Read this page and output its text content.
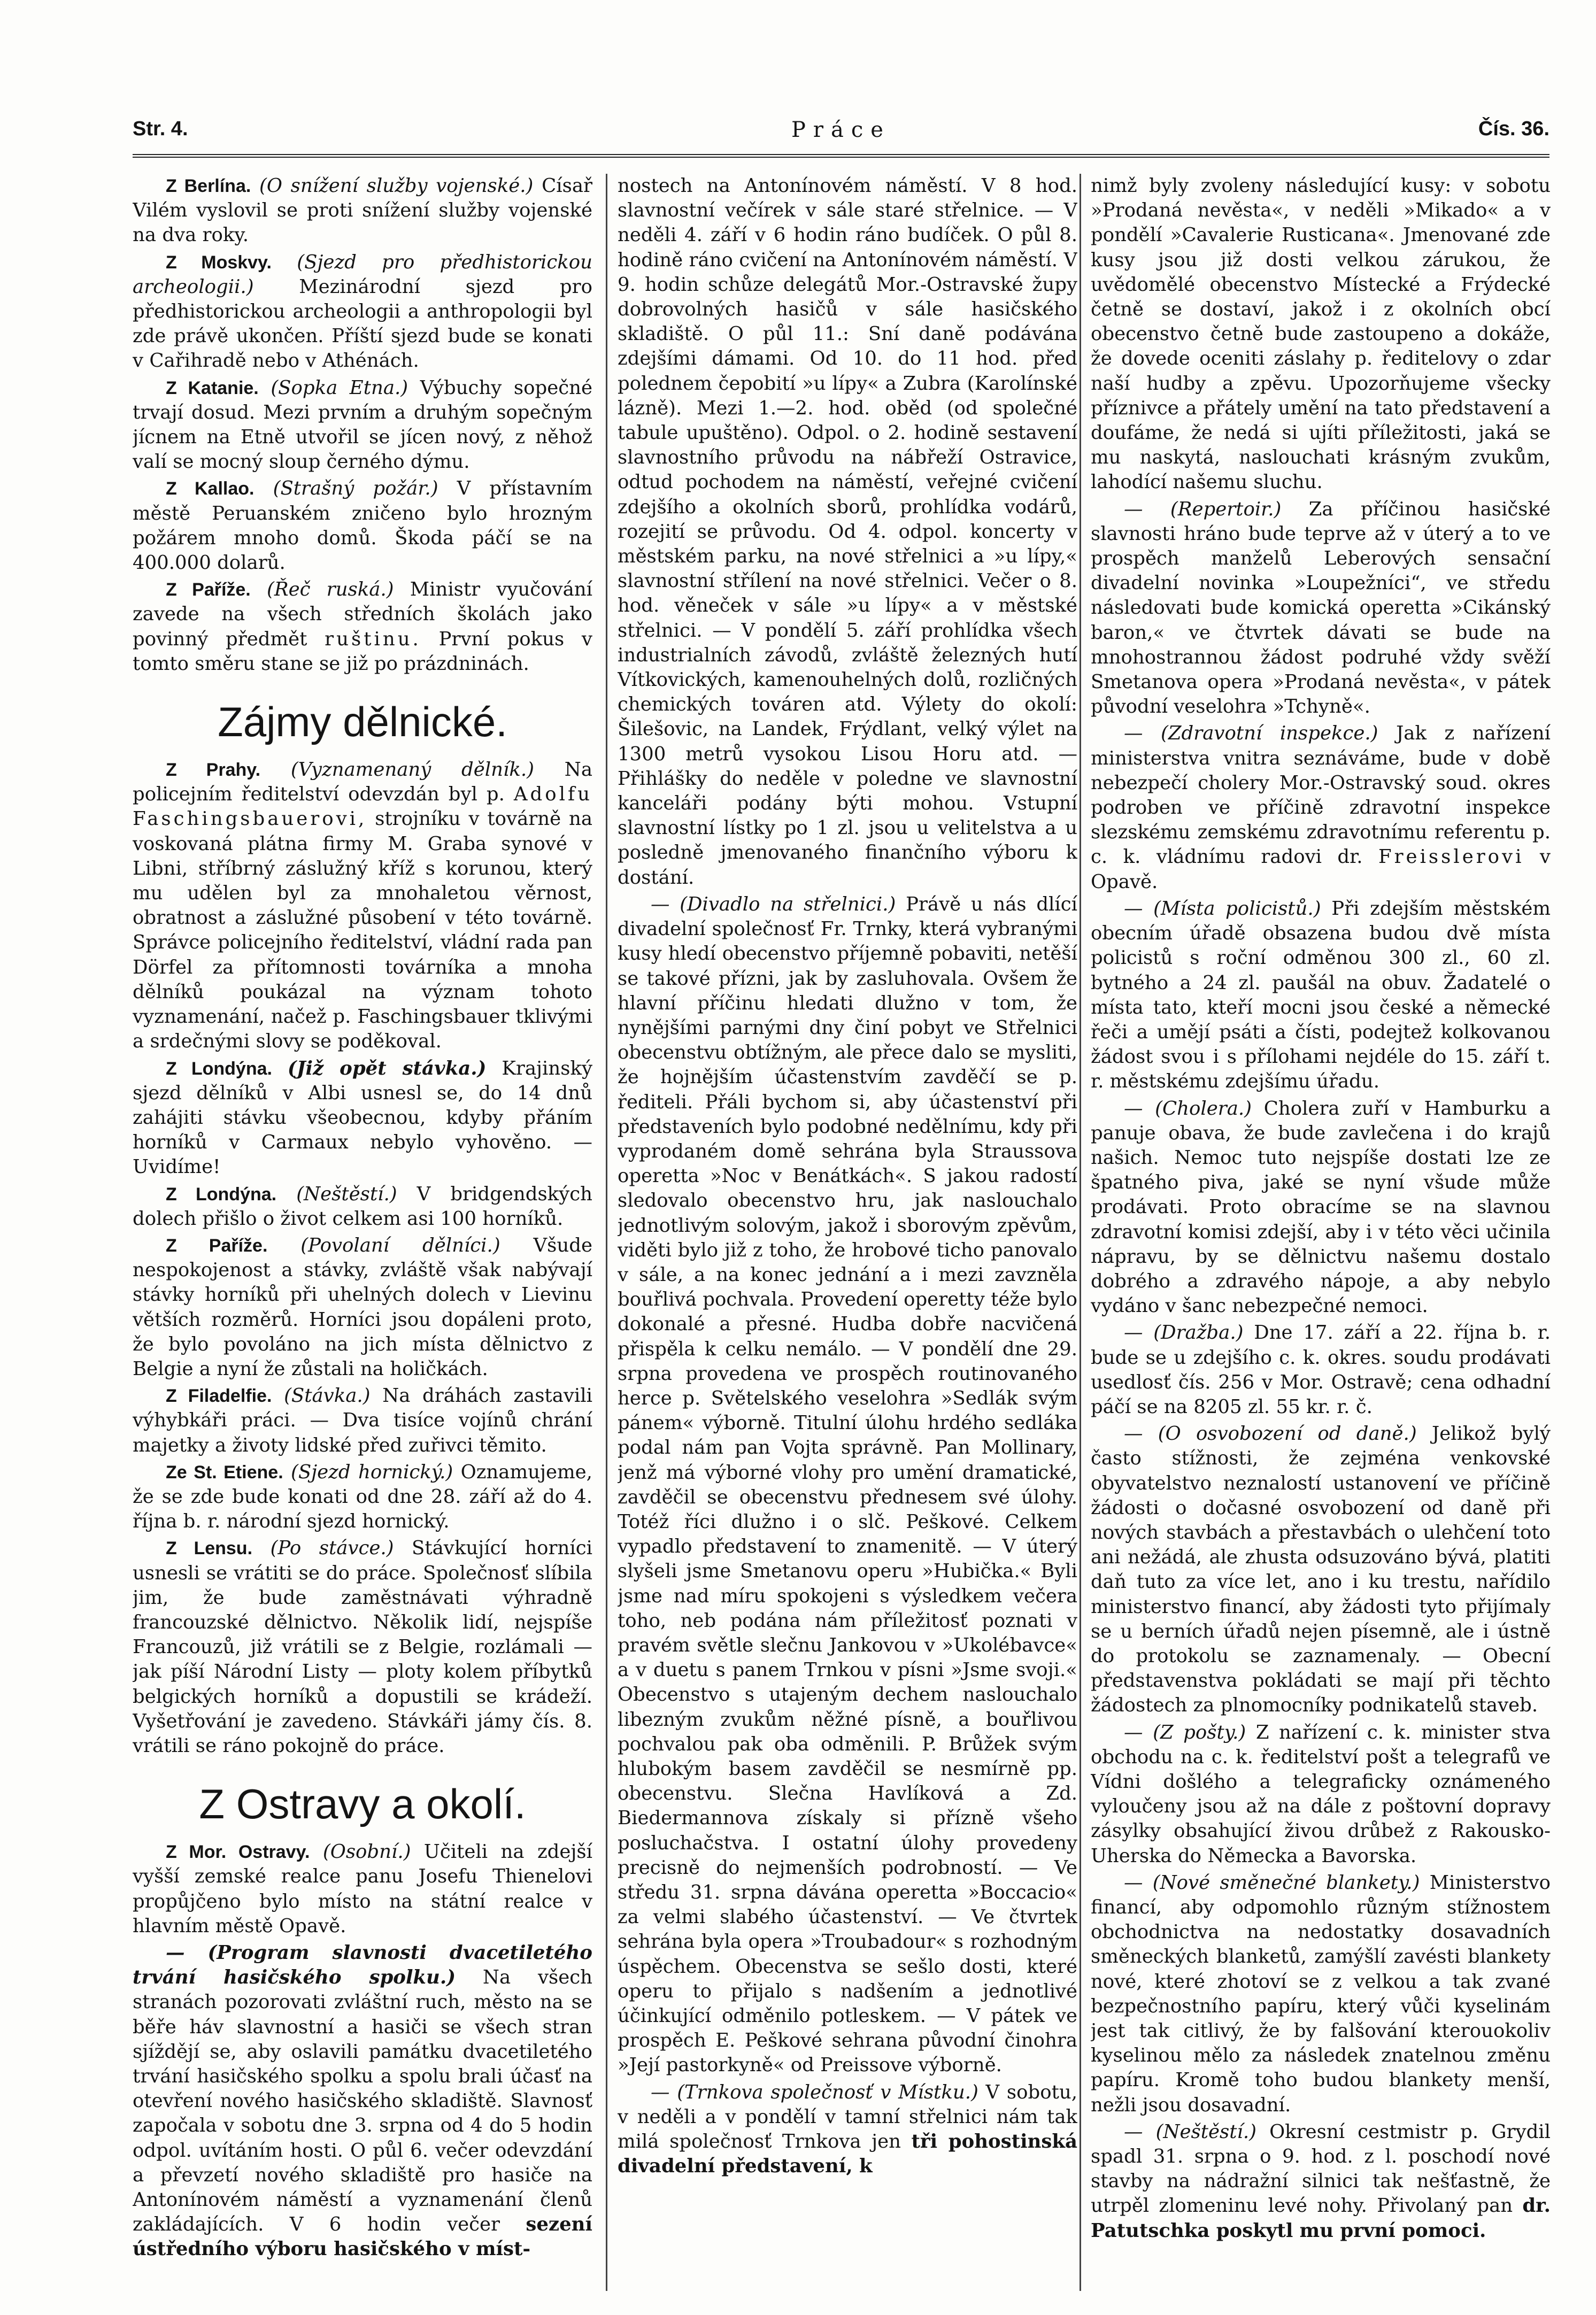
Str. 4.	Práce	Čís. 36.

Z Berlína. (O snížení služby vojenské.) Císař Vilém vyslovil se proti snížení služby vojenské na dva roky.

Z Moskvy. (Sjezd pro předhistorickou archeologii.) Mezinárodní sjezd pro předhistorickou archeologii a anthropologii byl zde právě ukončen. Příští sjezd bude se konati v Cařihradě nebo v Athénách.

Z Katanie. (Sopka Etna.) Výbuchy sopečné trvají dosud. Mezi prvním a druhým sopečným jícnem na Etně utvořil se jícen nový, z něhož valí se mocný sloup černého dýmu.

Z Kallao. (Strašný požár.) V přístavním městě Peruanském zničeno bylo hrozným požárem mnoho domů. Škoda páčí se na 400.000 dolarů.

Z Paříže. (Řeč ruská.) Ministr vyučování zavede na všech středních školách jako povinný předmět ruštinu. První pokus v tomto směru stane se již po prázdninách.

Zájmy dělnické.

Z Prahy. (Vyznamenaný dělník.) Na policejním ředitelství odevzdán byl p. Adolfu Faschingsbauerovi, strojníku v továrně na voskovaná plátna firmy M. Graba synové v Libni, stříbrný záslužný kříž s korunou, který mu udělen byl za mnohaletou věrnost, obratnost a záslužné působení v této továrně. Správce policejního ředitelství, vládní rada pan Dörfel za přítomnosti továrníka a mnoha dělníků poukázal na význam tohoto vyznamenání, načež p. Faschingsbauer tklivými a srdečnými slovy se poděkoval.

Z Londýna. (Již opět stávka.) Krajinský sjezd dělníků v Albi usnesl se, do 14 dnů zahájiti stávku všeobecnou, kdyby přáním horníků v Carmaux nebylo vyhověno. — Uvidíme!

Z Londýna. (Neštěstí.) V bridgendských dolech přišlo o život celkem asi 100 horníků.

Z Paříže. (Povolaní dělníci.) Všude nespokojenost a stávky, zvláště však nabývají stávky horníků při uhelných dolech v Lievinu větších rozměrů. Horníci jsou dopáleni proto, že bylo povoláno na jich místa dělnictvo z Belgie a nyní že zůstali na holičkách.

Z Filadelfie. (Stávka.) Na dráhách zastavili výhybkáři práci. — Dva tisíce vojínů chrání majetky a životy lidské před zuřivci těmito.

Ze St. Etiene. (Sjezd hornický.) Oznamujeme, že se zde bude konati od dne 28. září až do 4. října b. r. národní sjezd hornický.

Z Lensu. (Po stávce.) Stávkující horníci usnesli se vrátiti se do práce. Společnosť slíbila jim, že bude zaměstnávati výhradně francouzské dělnictvo. Několik lidí, nejspíše Francouzů, již vrátili se z Belgie, rozlámali — jak píší Národní Listy — ploty kolem příbytků belgických horníků a dopustili se krádeží. Vyšetřování je zavedeno. Stávkáři jámy čís. 8. vrátili se ráno pokojně do práce.

Z Ostravy a okolí.

Z Mor. Ostravy. (Osobní.) Učiteli na zdejší vyšší zemské realce panu Josefu Thienelovi propůjčeno bylo místo na státní realce v hlavním městě Opavě.

— (Program slavnosti dvacetiletého trvání hasičského spolku.) Na všech stranách pozorovati zvláštní ruch, město na se běře háv slavnostní a hasiči se všech stran sjíždějí se, aby oslavili památku dvacetiletého trvání hasičského spolku a spolu brali účasť na otevření nového hasičského skladiště. Slavnosť započala v sobotu dne 3. srpna od 4 do 5 hodin odpol. uvítáním hosti. O půl 6. večer odevzdání a převzetí nového skladiště pro hasiče na Antonínovém náměstí a vyznamenání členů zakládajících. V 6 hodin večer sezení ústředního výboru hasičského v míst-

nostech na Antonínovém náměstí. V 8 hod. slavnostní večírek v sále staré střelnice. — V neděli 4. září v 6 hodin ráno budíček. O půl 8. hodině ráno cvičení na Antonínovém náměstí. V 9. hodin schůze delegátů Mor.-Ostravské župy dobrovolných hasičů v sále hasičského skladiště. O půl 11.: Sní daně podávána zdejšími dámami. Od 10. do 11 hod. před polednem čepobití »u lípy« a Zubra (Karolínské lázně). Mezi 1.—2. hod. oběd (od společné tabule upuštěno). Odpol. o 2. hodině sestavení slavnostního průvodu na nábřeží Ostravice, odtud pochodem na náměstí, veřejné cvičení zdejšího a okolních sborů, prohlídka vodárů, rozejití se průvodu. Od 4. odpol. koncerty v městském parku, na nové střelnici a »u lípy,« slavnostní střílení na nové střelnici. Večer o 8. hod. věneček v sále »u lípy« a v městské střelnici. — V pondělí 5. září prohlídka všech industrialních závodů, zvláště železných hutí Vítkovických, kamenouhelných dolů, rozličných chemických továren atd. Výlety do okolí: Šilešovic, na Landek, Frýdlant, velký výlet na 1300 metrů vysokou Lisou Horu atd. — Přihlášky do neděle v poledne ve slavnostní kanceláři podány býti mohou. Vstupní slavnostní lístky po 1 zl. jsou u velitelstva a u posledně jmenovaného finančního výboru k dostání.

— (Divadlo na střelnici.) Právě u nás dlící divadelní společnosť Fr. Trnky, která vybranými kusy hledí obecenstvo příjemně pobaviti, netěší se takové přízni, jak by zasluhovala. Ovšem že hlavní příčinu hledati dlužno v tom, že nynějšími parnými dny činí pobyt ve Střelnici obecenstvu obtížným, ale přece dalo se mysliti, že hojnějším účastenstvím zavděčí se p. řediteli. Přáli bychom si, aby účastenství při představeních bylo podobné nedělnímu, kdy při vyprodaném domě sehrána byla Straussova operetta »Noc v Benátkách«. S jakou radostí sledovalo obecenstvo hru, jak naslouchalo jednotlivým solovým, jakož i sborovým zpěvům, viděti bylo již z toho, že hrobové ticho panovalo v sále, a na konec jednání a i mezi zavzněla bouřlivá pochvala. Provedení operetty téže bylo dokonalé a přesné. Hudba dobře nacvičená přispěla k celku nemálo. — V pondělí dne 29. srpna provedena ve prospěch routinovaného herce p. Světelského veselohra »Sedlák svým pánem« výborně. Titulní úlohu hrdého sedláka podal nám pan Vojta správně. Pan Mollinary, jenž má výborné vlohy pro umění dramatické, zavděčil se obecenstvu přednesem své úlohy. Totéž říci dlužno i o slč. Peškové. Celkem vypadlo představení to znamenitě. — V úterý slyšeli jsme Smetanovu operu »Hubička.« Byli jsme nad míru spokojeni s výsledkem večera toho, neb podána nám příležitosť poznati v pravém světle slečnu Jankovou v »Ukolébavce« a v duetu s panem Trnkou v písni »Jsme svoji.« Obecenstvo s utajeným dechem naslouchalo libezným zvukům něžné písně, a bouřlivou pochvalou pak oba odměnili. P. Brůžek svým hlubokým basem zavděčil se nesmírně pp. obecenstvu. Slečna Havlíková a Zd. Biedermannova získaly si přízně všeho posluchačstva. I ostatní úlohy provedeny precisně do nejmenších podrobností. — Ve středu 31. srpna dávána operetta »Boccacio« za velmi slabého účastenství. — Ve čtvrtek sehrána byla opera »Troubadour« s rozhodným úspěchem. Obecenstva se sešlo dosti, které operu to přijalo s nadšením a jednotlivé účinkující odměnilo potleskem. — V pátek ve prospěch E. Peškové sehrana původní činohra »Její pastorkyně« od Preissove výborně.

— (Trnkova společnosť v Místku.) V sobotu, v neděli a v pondělí v tamní střelnici nám tak milá společnosť Trnkova jen tři pohostinská divadelní představení, k

nimž byly zvoleny následující kusy: v sobotu »Prodaná nevěsta«, v neděli »Mikado« a v pondělí »Cavalerie Rusticana«. Jmenované zde kusy jsou již dosti velkou zárukou, že uvědomělé obecenstvo Místecké a Frýdecké četně se dostaví, jakož i z okolních obcí obecenstvo četně bude zastoupeno a dokáže, že dovede oceniti záslahy p. ředitelovy o zdar naší hudby a zpěvu. Upozorňujeme všecky příznivce a přátely umění na tato představení a doufáme, že nedá si ujíti příležitosti, jaká se mu naskytá, naslouchati krásným zvukům, lahodící našemu sluchu.

— (Repertoir.) Za příčinou hasičské slavnosti hráno bude teprve až v úterý a to ve prospěch manželů Leberových sensační divadelní novinka »Loupežníci“, ve středu následovati bude komická operetta »Cikánský baron,« ve čtvrtek dávati se bude na mnohostrannou žádost podruhé vždy svěží Smetanova opera »Prodaná nevěsta«, v pátek původní veselohra »Tchyně«.

— (Zdravotní inspekce.) Jak z nařízení ministerstva vnitra seznáváme, bude v době nebezpečí cholery Mor.-Ostravský soud. okres podroben ve příčině zdravotní inspekce slezskému zemskému zdravotnímu referentu p. c. k. vládnímu radovi dr. Freisslerovi v Opavě.

— (Místa policistů.) Při zdejším městském obecním úřadě obsazena budou dvě místa policistů s roční odměnou 300 zl., 60 zl. bytného a 24 zl. paušál na obuv. Žadatelé o místa tato, kteří mocni jsou české a německé řeči a umějí psáti a čísti, podejtež kolkovanou žádost svou i s přílohami nejdéle do 15. září t. r. městskému zdejšímu úřadu.

— (Cholera.) Cholera zuří v Hamburku a panuje obava, že bude zavlečena i do krajů našich. Nemoc tuto nejspíše dostati lze ze špatného piva, jaké se nyní všude může prodávati. Proto obracíme se na slavnou zdravotní komisi zdejší, aby i v této věci učinila nápravu, by se dělnictvu našemu dostalo dobrého a zdravého nápoje, a aby nebylo vydáno v šanc nebezpečné nemoci.

— (Dražba.) Dne 17. září a 22. října b. r. bude se u zdejšího c. k. okres. soudu prodávati usedlosť čís. 256 v Mor. Ostravě; cena odhadní páčí se na 8205 zl. 55 kr. r. č.

— (O osvobození od daně.) Jelikož bylý často stížnosti, že zejména venkovské obyvatelstvo neznalostí ustanovení ve příčině žádosti o dočasné osvobození od daně při nových stavbách a přestavbách o ulehčení toto ani nežádá, ale zhusta odsuzováno bývá, platiti daň tuto za více let, ano i ku trestu, nařídilo ministerstvo financí, aby žádosti tyto přijímaly se u berních úřadů nejen písemně, ale i ústně do protokolu se zaznamenaly. — Obecní představenstva pokládati se mají při těchto žádostech za plnomocníky podnikatelů staveb.

— (Z pošty.) Z nařízení c. k. minister stva obchodu na c. k. ředitelství pošt a telegrafů ve Vídni došlého a telegraficky oznámeného vyloučeny jsou až na dále z poštovní dopravy zásylky obsahující živou drůbež z Rakousko-Uherska do Německa a Bavorska.

— (Nové směnečné blankety.) Ministerstvo financí, aby odpomohlo různým stížnostem obchodnictva na nedostatky dosavadních směneckých blanketů, zamýšlí zavésti blankety nové, které zhotoví se z velkou a tak zvané bezpečnostního papíru, který vůči kyselinám jest tak citlivý, že by falšování kterouokoliv kyselinou mělo za následek znatelnou změnu papíru. Kromě toho budou blankety menší, nežli jsou dosavadní.

— (Neštěstí.) Okresní cestmistr p. Grydil spadl 31. srpna o 9. hod. z l. poschodí nové stavby na nádražní silnici tak nešťastně, že utrpěl zlomeninu levé nohy. Přivolaný pan dr. Patutschka poskytl mu první pomoci.
